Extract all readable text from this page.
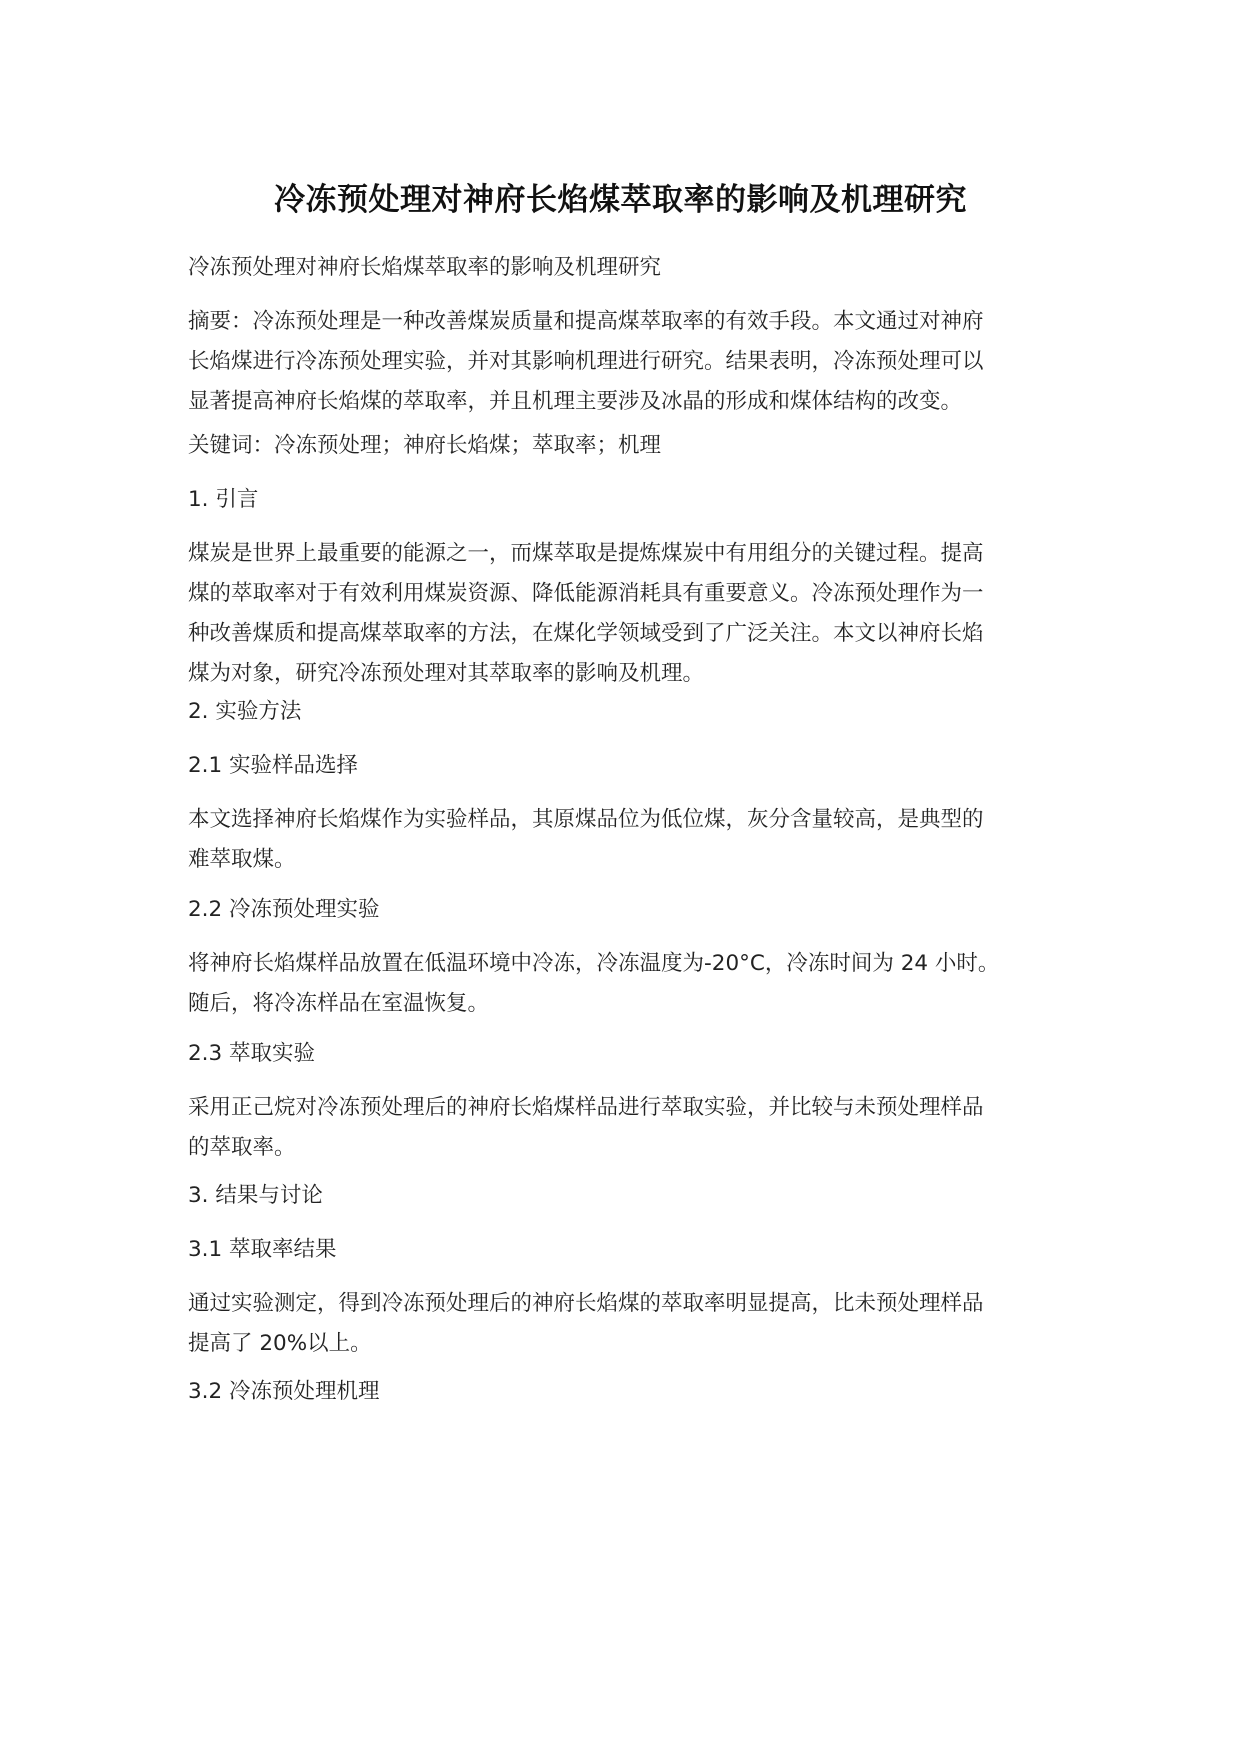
冷冻预处理对神府长焰煤萃取率的影响及机理研究

冷冻预处理对神府长焰煤萃取率的影响及机理研究

摘要：冷冻预处理是一种改善煤炭质量和提高煤萃取率的有效手段。本文通过对神府
长焰煤进行冷冻预处理实验，并对其影响机理进行研究。结果表明，冷冻预处理可以
显著提高神府长焰煤的萃取率，并且机理主要涉及冰晶的形成和煤体结构的改变。

关键词：冷冻预处理；神府长焰煤；萃取率；机理

1. 引言

煤炭是世界上最重要的能源之一，而煤萃取是提炼煤炭中有用组分的关键过程。提高
煤的萃取率对于有效利用煤炭资源、降低能源消耗具有重要意义。冷冻预处理作为一
种改善煤质和提高煤萃取率的方法，在煤化学领域受到了广泛关注。本文以神府长焰
煤为对象，研究冷冻预处理对其萃取率的影响及机理。

2. 实验方法

2.1 实验样品选择

本文选择神府长焰煤作为实验样品，其原煤品位为低位煤，灰分含量较高，是典型的
难萃取煤。

2.2 冷冻预处理实验

将神府长焰煤样品放置在低温环境中冷冻，冷冻温度为-20°C，冷冻时间为 24 小时。
随后，将冷冻样品在室温恢复。

2.3 萃取实验

采用正己烷对冷冻预处理后的神府长焰煤样品进行萃取实验，并比较与未预处理样品
的萃取率。

3. 结果与讨论

3.1 萃取率结果

通过实验测定，得到冷冻预处理后的神府长焰煤的萃取率明显提高，比未预处理样品
提高了 20%以上。

3.2 冷冻预处理机理
